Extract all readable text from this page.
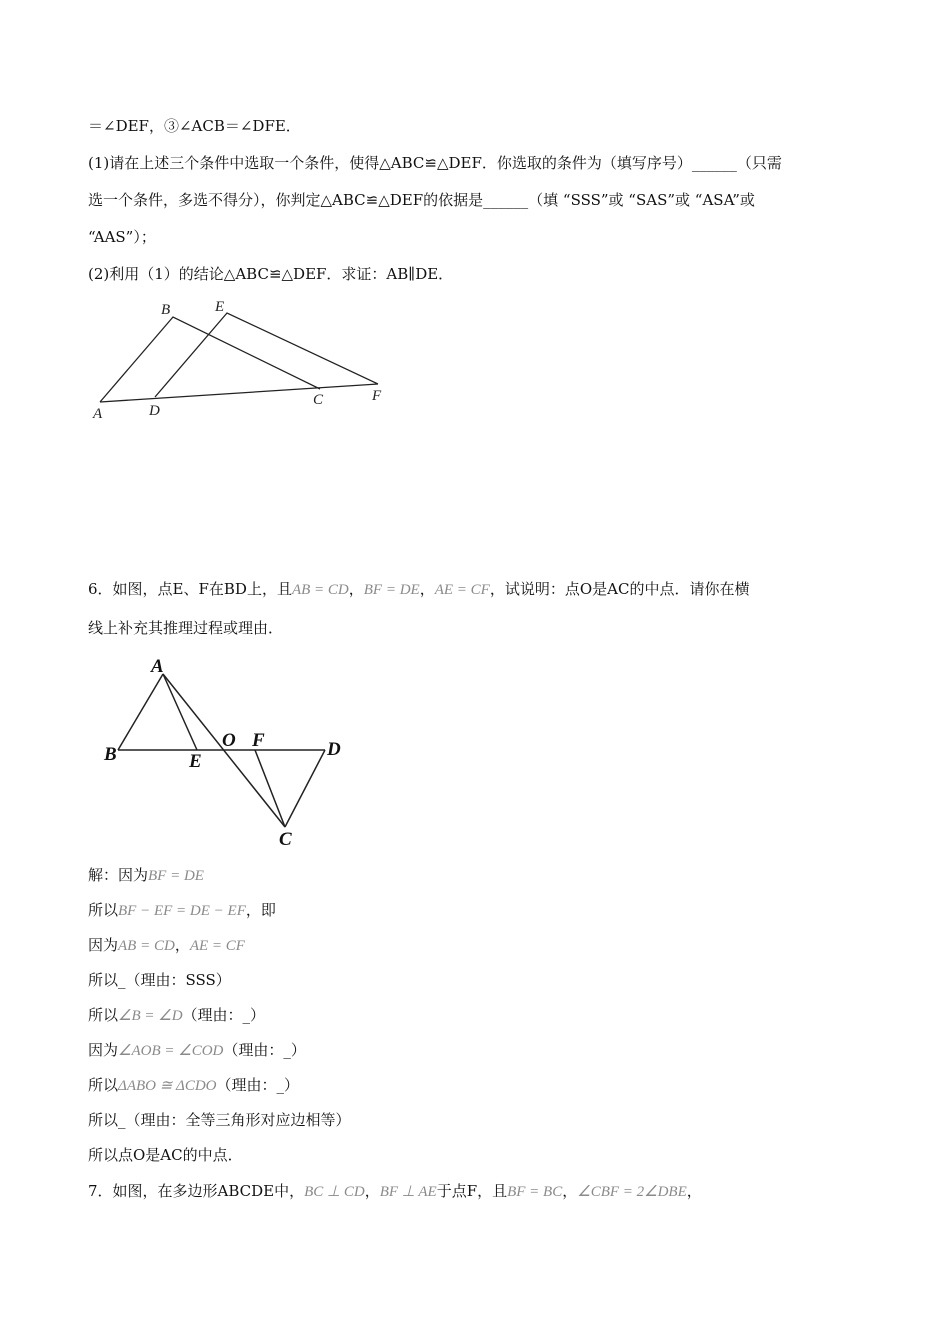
＝∠DEF，③∠ACB＝∠DFE．
(1)请在上述三个条件中选取一个条件，使得△ABC≌△DEF．你选取的条件为（填写序号）______（只需
选一个条件，多选不得分），你判定△ABC≌△DEF的依据是______（填 “SSS”或 “SAS”或 “ASA”或
“AAS”）；
(2)利用（1）的结论△ABC≌△DEF．求证：AB∥DE．
B	E
A	D
C	F
6．如图，点E、F在BD上，且AB = CD，BF = DE，AE = CF，试说明：点O是AC的中点．请你在横
线上补充其推理过程或理由．
A
B	E
O F	D
C
解：因为BF = DE
所以BF − EF = DE − EF，即
因为AB = CD，AE = CF
所以_（理由：SSS）
所以∠B = ∠D（理由：_）
因为∠AOB = ∠COD（理由：_）
所以ΔABO ≅ ΔCDO（理由：_）
所以_（理由：全等三角形对应边相等）
所以点O是AC的中点．
7．如图，在多边形ABCDE中，BC ⊥ CD，BF ⊥ AE于点F，且BF = BC，∠CBF = 2∠DBE，
